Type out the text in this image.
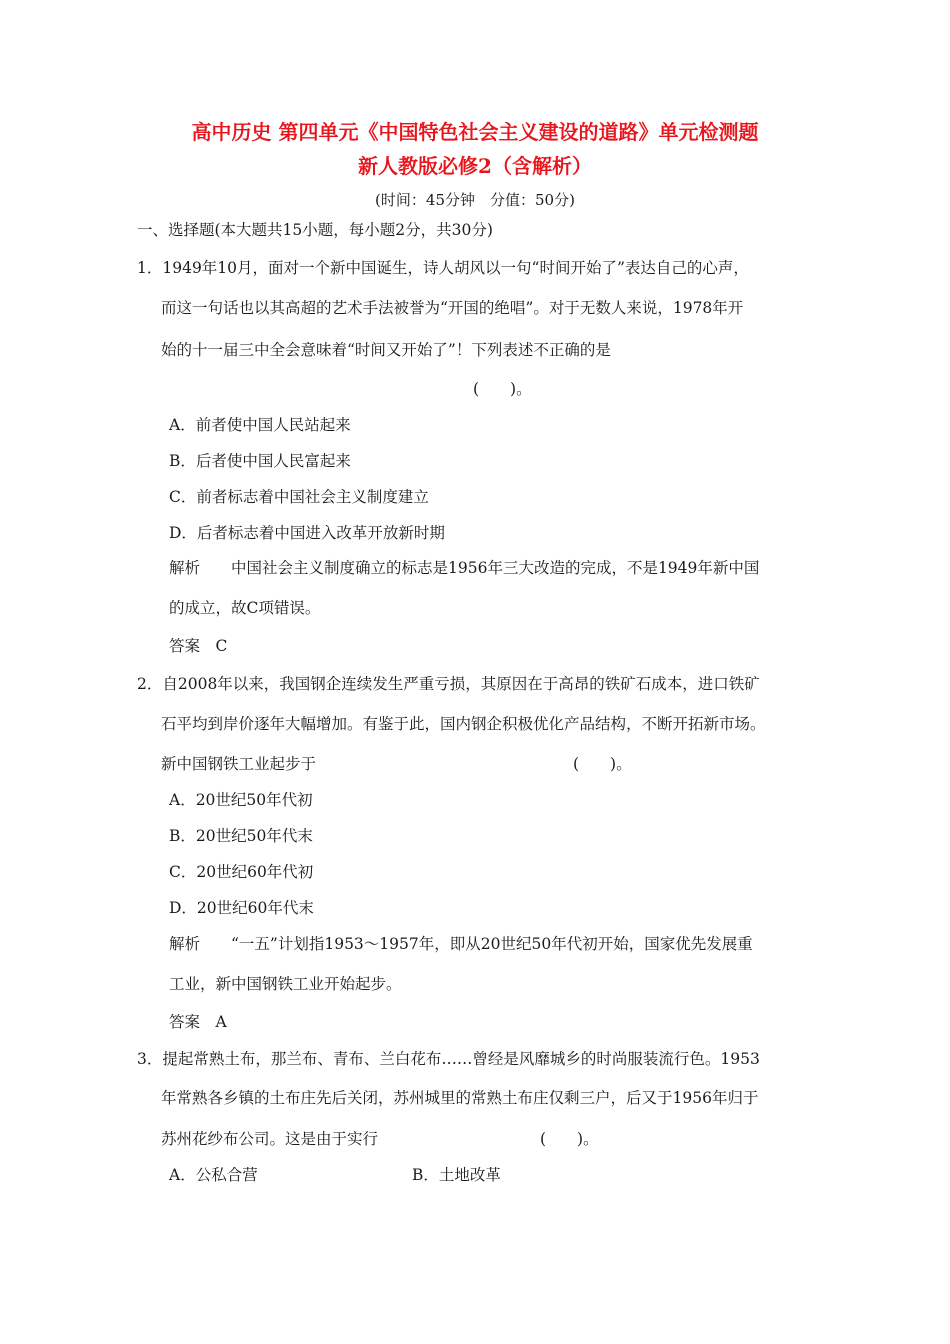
高中历史 第四单元《中国特色社会主义建设的道路》单元检测题
新人教版必修2（含解析）
(时间：45分钟　分值：50分)
一、选择题(本大题共15小题，每小题2分，共30分)
1．1949年10月，面对一个新中国诞生，诗人胡风以一句“时间开始了”表达自己的心声，
而这一句话也以其高超的艺术手法被誉为“开国的绝唱”。对于无数人来说，1978年开
始的十一届三中全会意味着“时间又开始了”！下列表述不正确的是
(　　)。
A．前者使中国人民站起来
B．后者使中国人民富起来
C．前者标志着中国社会主义制度建立
D．后者标志着中国进入改革开放新时期
解析　　中国社会主义制度确立的标志是1956年三大改造的完成，不是1949年新中国
的成立，故C项错误。
答案　C
2．自2008年以来，我国钢企连续发生严重亏损，其原因在于高昂的铁矿石成本，进口铁矿
石平均到岸价逐年大幅增加。有鉴于此，国内钢企积极优化产品结构，不断开拓新市场。
新中国钢铁工业起步于	(　　)。
A．20世纪50年代初
B．20世纪50年代末
C．20世纪60年代初
D．20世纪60年代末
解析　　“一五”计划指1953～1957年，即从20世纪50年代初开始，国家优先发展重
工业，新中国钢铁工业开始起步。
答案　A
3．提起常熟土布，那兰布、青布、兰白花布……曾经是风靡城乡的时尚服装流行色。1953
年常熟各乡镇的土布庄先后关闭，苏州城里的常熟土布庄仅剩三户，后又于1956年归于
苏州花纱布公司。这是由于实行	(　　)。
A．公私合营	B．土地改革
